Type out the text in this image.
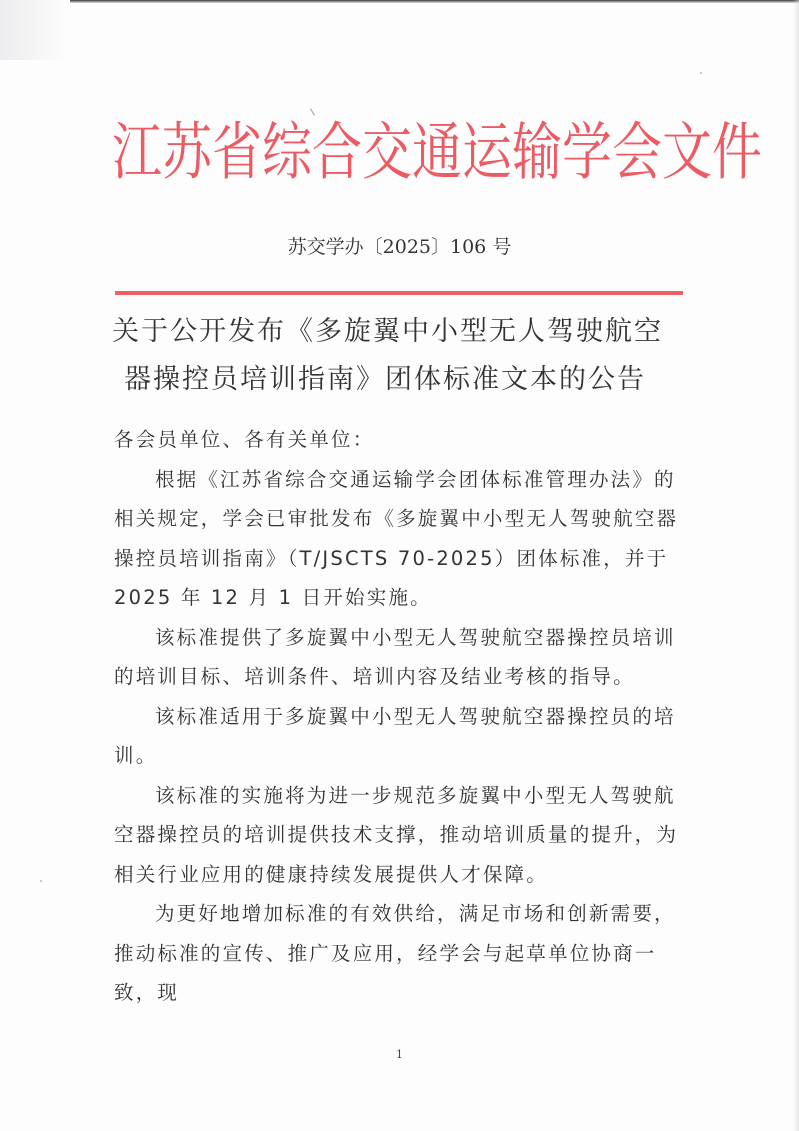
江苏省综合交通运输学会文件
苏交学办〔2025〕106 号
关于公开发布《多旋翼中小型无人驾驶航空
器操控员培训指南》团体标准文本的公告

各会员单位、各有关单位：

根据《江苏省综合交通运输学会团体标准管理办法》的相关规定，学会已审批发布《多旋翼中小型无人驾驶航空器操控员培训指南》（T/JSCTS 70-2025）团体标准，并于 2025 年 12 月 1 日开始实施。

该标准提供了多旋翼中小型无人驾驶航空器操控员培训的培训目标、培训条件、培训内容及结业考核的指导。

该标准适用于多旋翼中小型无人驾驶航空器操控员的培训。

该标准的实施将为进一步规范多旋翼中小型无人驾驶航空器操控员的培训提供技术支撑，推动培训质量的提升，为相关行业应用的健康持续发展提供人才保障。

为更好地增加标准的有效供给，满足市场和创新需要，推动标准的宣传、推广及应用，经学会与起草单位协商一致，现

1
